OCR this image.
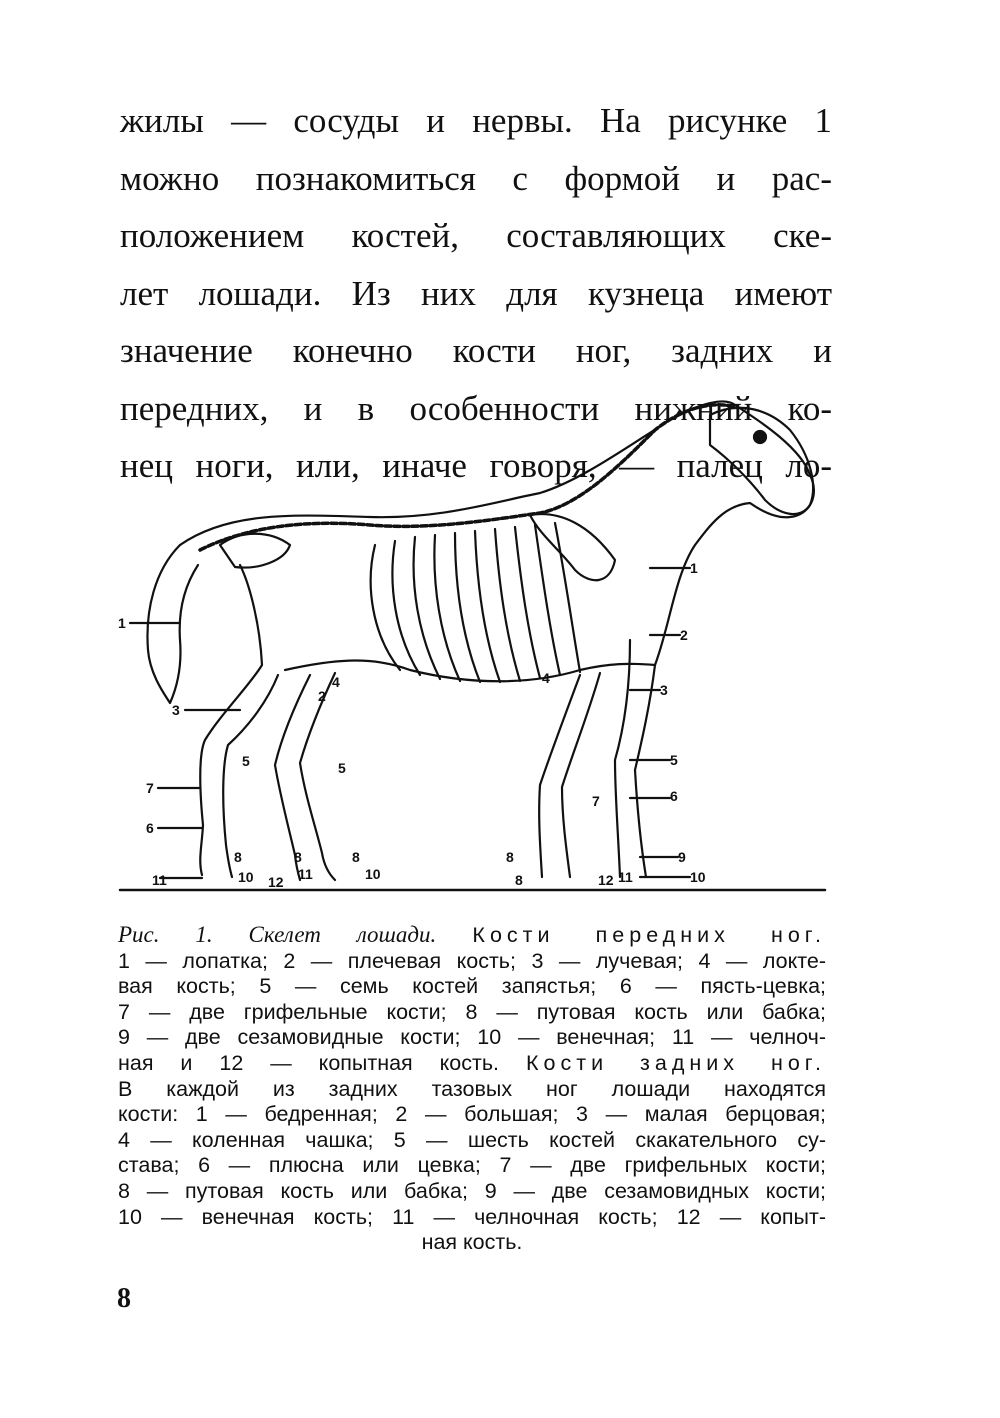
жилы — сосуды и нервы. На рисунке 1
можно познакомиться с формой и рас-
положением костей, составляющих ске-
лет лошади. Из них для кузнеца имеют
значение конечно кости ног, задних и
передних, и в особенности нижний ко-
нец ноги, или, иначе говоря, — палец ло-
1
2
3
4
5	5
6
7
8	8	8
10	10
11	12 11
1
2
3
4
5
6
7
8	9
10
11
12
8
Рис. 1. Скелет лошади. Кости передних ног.
1 — лопатка; 2 — плечевая кость; 3 — лучевая; 4 — локте-
вая кость; 5 — семь костей запястья; 6 — пясть-цевка;
7 — две грифельные кости; 8 — путовая кость или бабка;
9 — две сезамовидные кости; 10 — венечная; 11 — челноч-
ная и 12 — копытная кость. Кости задних ног.
В каждой из задних тазовых ног лошади находятся
кости: 1 — бедренная; 2 — большая; 3 — малая берцовая;
4 — коленная чашка; 5 — шесть костей скакательного су-
става; 6 — плюсна или цевка; 7 — две грифельных кости;
8 — путовая кость или бабка; 9 — две сезамовидных кости;
10 — венечная кость; 11 — челночная кость; 12 — копыт-
ная кость.
8
